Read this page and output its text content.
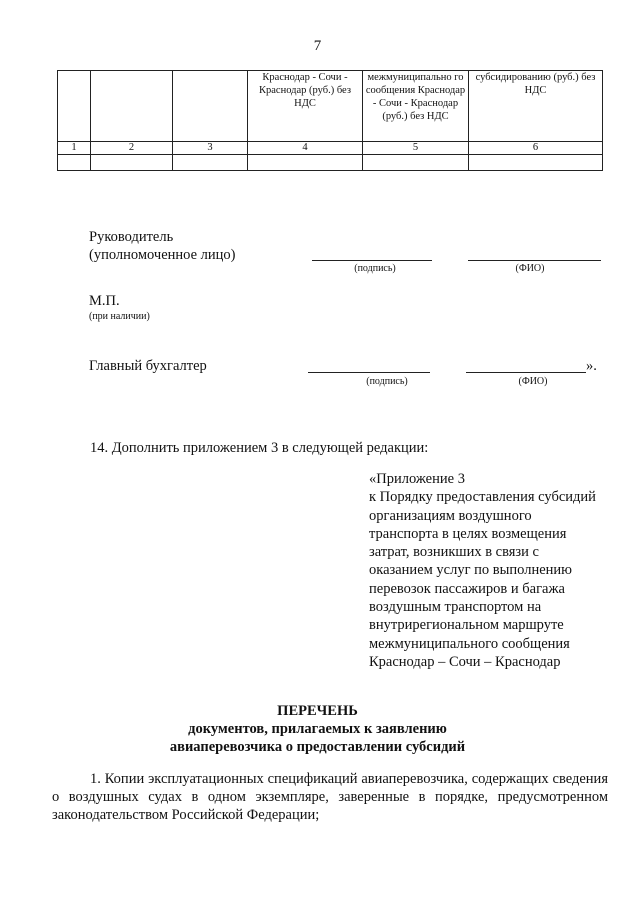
7
			Краснодар - Сочи - Краснодар (руб.) без НДС	межмуниципально го сообщения Краснодар - Сочи - Краснодар (руб.) без НДС	субсидированию (руб.) без НДС
1	2	3	4	5	6

Руководитель
(уполномоченное лицо)
(подпись)	(ФИО)
М.П.
(при наличии)
Главный бухгалтер	».
(подпись)	(ФИО)
14. Дополнить приложением 3 в следующей редакции:
«Приложение 3
к Порядку предоставления субсидий
организациям воздушного
транспорта в целях возмещения
затрат, возникших в связи с
оказанием услуг по выполнению
перевозок пассажиров и багажа
воздушным транспортом на
внутрирегиональном маршруте
межмуниципального сообщения
Краснодар – Сочи – Краснодар
ПЕРЕЧЕНЬ
документов, прилагаемых к заявлению
авиаперевозчика о предоставлении субсидий
1. Копии эксплуатационных спецификаций авиаперевозчика, содержащих сведения о воздушных судах в одном экземпляре, заверенные в порядке, предусмотренном законодательством Российской Федерации;
